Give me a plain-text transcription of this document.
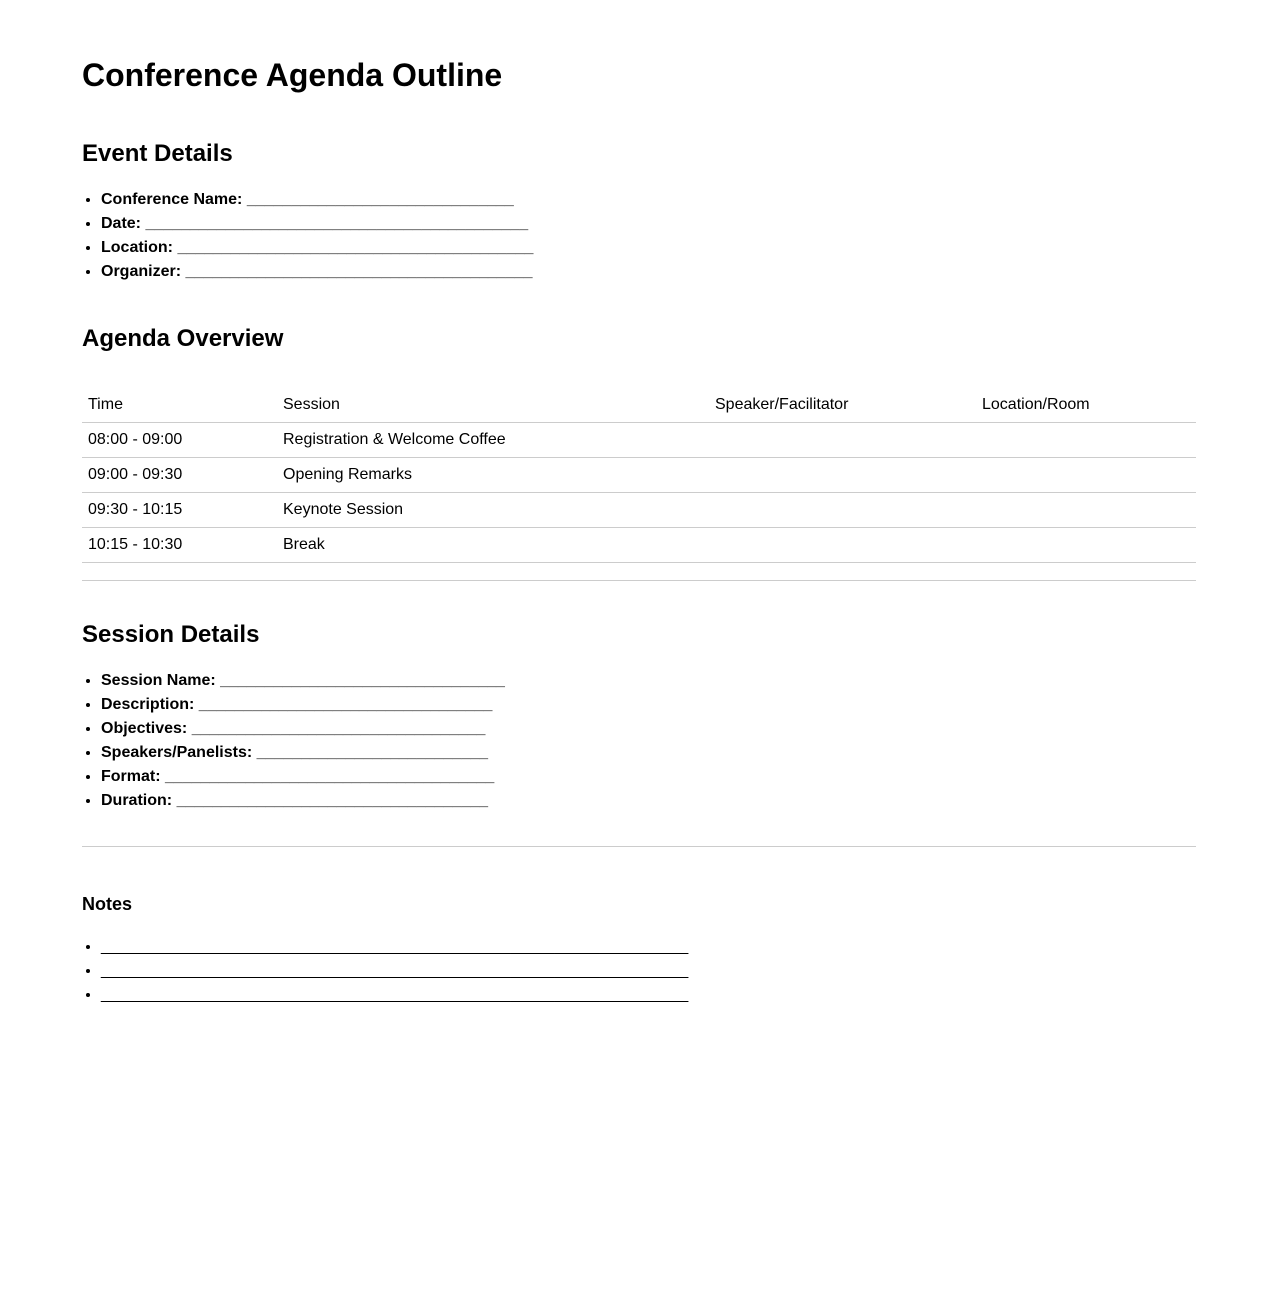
Conference Agenda Outline
Event Details
• Conference Name: ______________________________
• Date: ___________________________________________
• Location: ________________________________________
• Organizer: _______________________________________
Agenda Overview
Time	Session	Speaker/Facilitator	Location/Room
08:00 - 09:00	Registration & Welcome Coffee		
09:00 - 09:30	Opening Remarks		
09:30 - 10:15	Keynote Session		
10:15 - 10:30	Break		
Session Details
• Session Name: ________________________________
• Description: _________________________________
• Objectives: _________________________________
• Speakers/Panelists: __________________________
• Format: _____________________________________
• Duration: ___________________________________
Notes
• __________________________________________________________________
• __________________________________________________________________
• __________________________________________________________________
